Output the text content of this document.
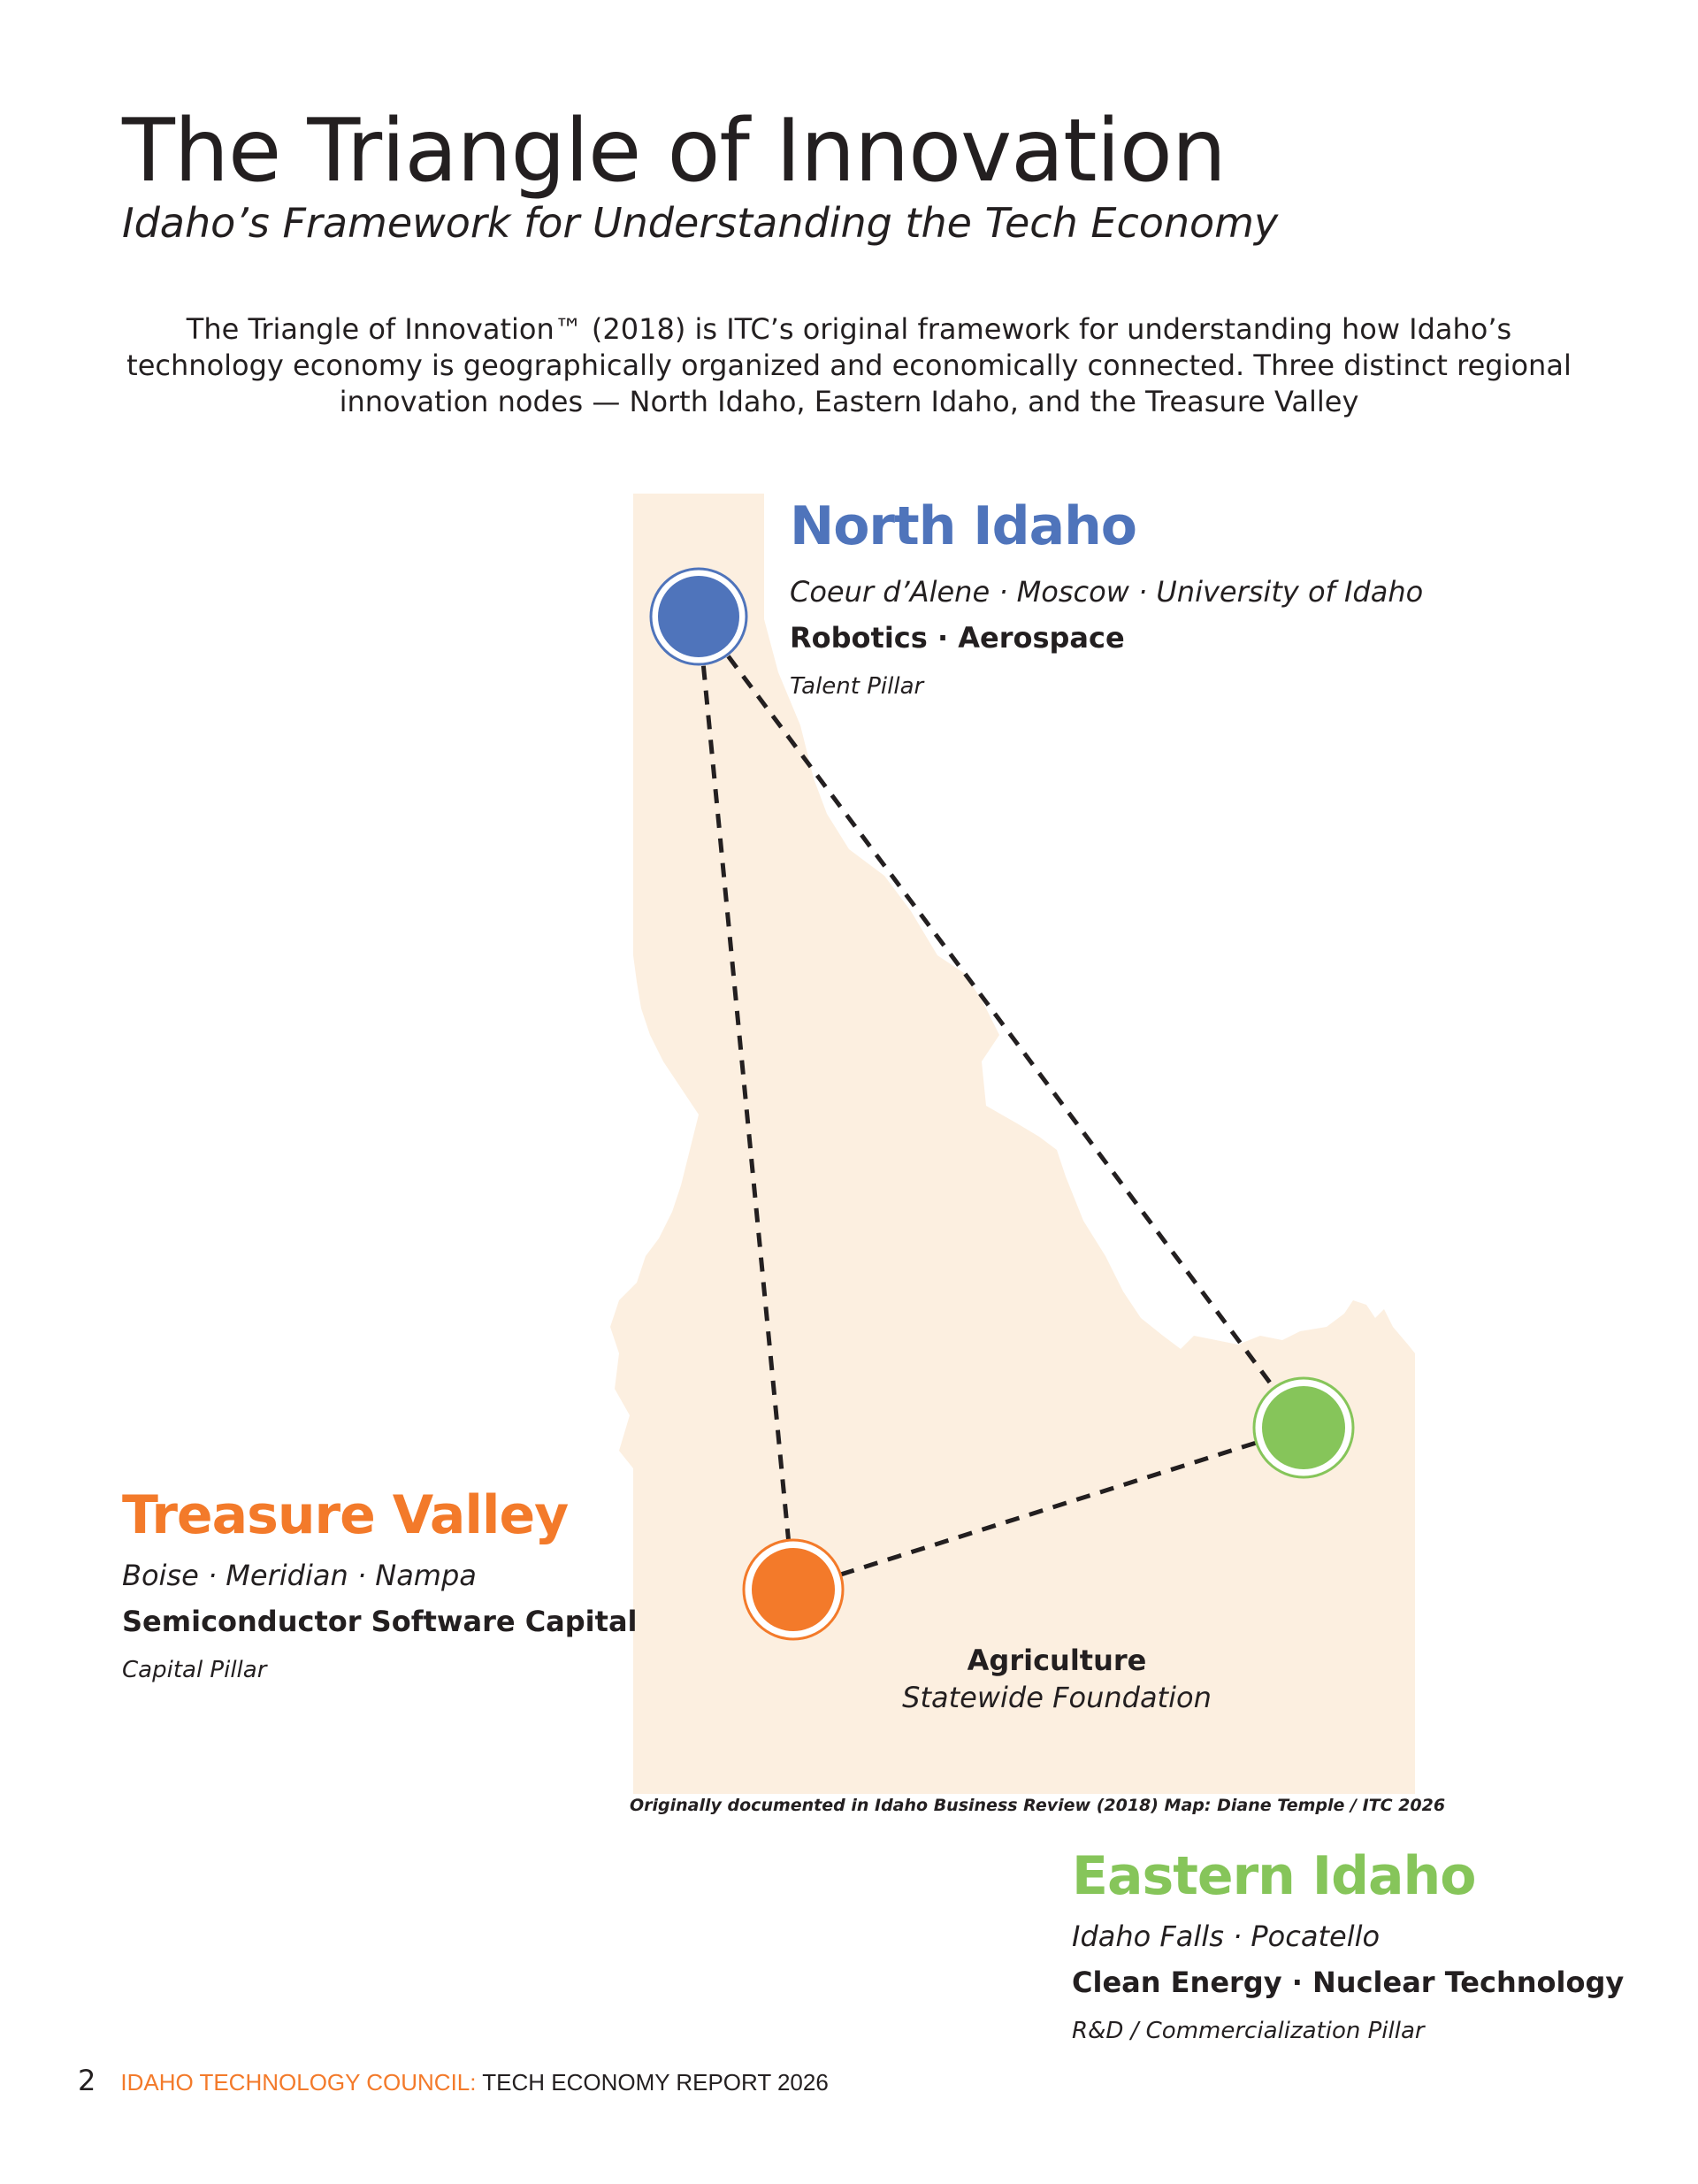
The Triangle of Innovation
Idaho’s Framework for Understanding the Tech Economy

The Triangle of Innovation™ (2018) is ITC’s original framework for understanding how Idaho’s technology economy is geographically organized and economically connected. Three distinct regional innovation nodes — North Idaho, Eastern Idaho, and the Treasure Valley

North Idaho

Coeur d’Alene · Moscow · University of Idaho

Robotics · Aerospace

Talent Pillar

Treasure Valley

Boise · Meridian · Nampa

Semiconductor Software Capital

Capital Pillar

Eastern Idaho

Idaho Falls · Pocatello

Clean Energy · Nuclear Technology

R&D / Commercialization Pillar

Agriculture

Statewide Foundation

Originally documented in Idaho Business Review (2018) Map: Diane Temple / ITC 2026

2 IDAHO TECHNOLOGY COUNCIL: TECH ECONOMY REPORT 2026
